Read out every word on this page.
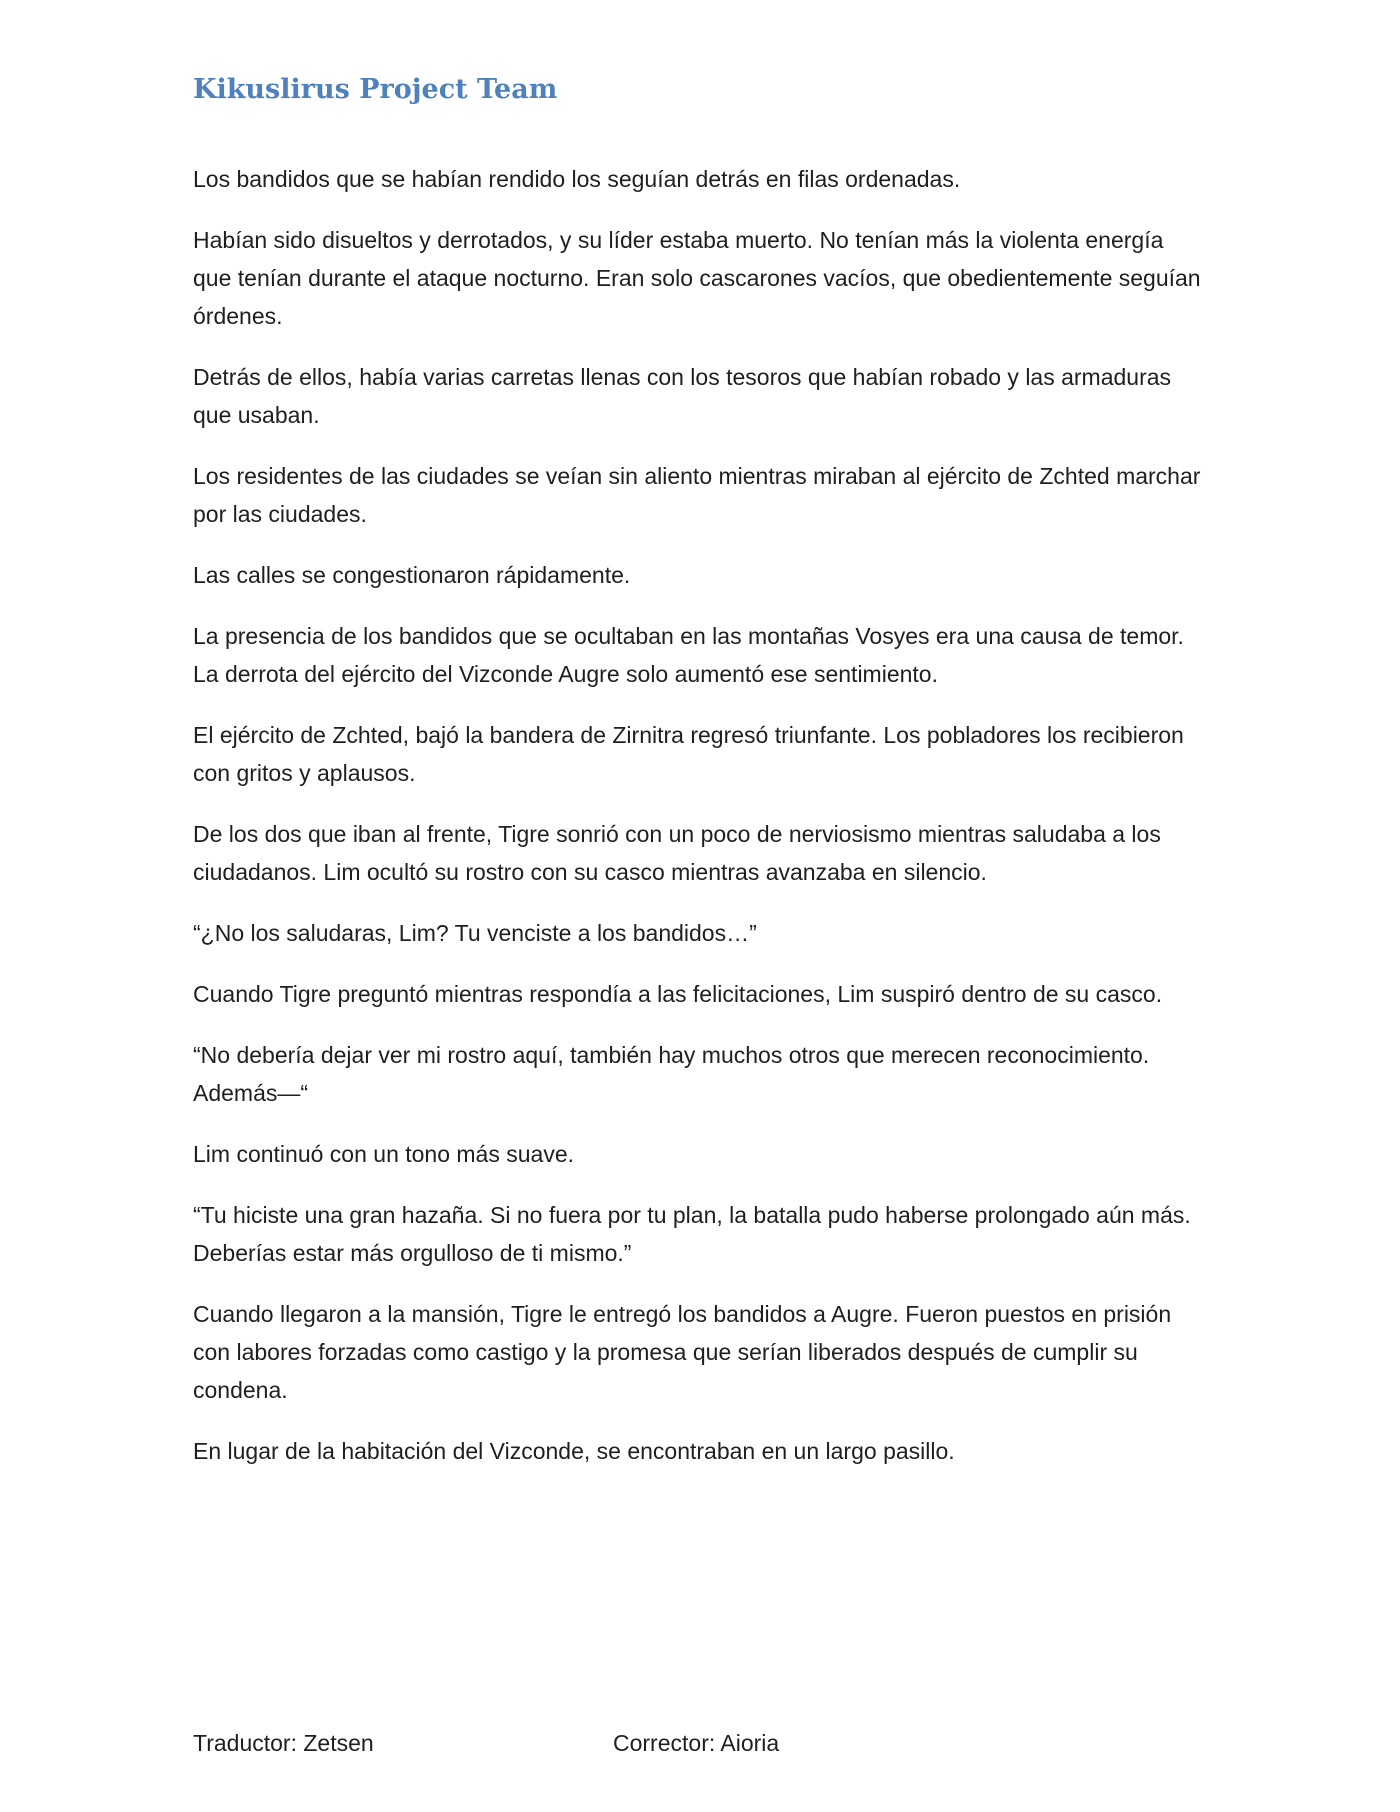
Kikuslirus Project Team

Los bandidos que se habían rendido los seguían detrás en filas ordenadas.

Habían sido disueltos y derrotados, y su líder estaba muerto. No tenían más la violenta energía que tenían durante el ataque nocturno. Eran solo cascarones vacíos, que obedientemente seguían órdenes.

Detrás de ellos, había varias carretas llenas con los tesoros que habían robado y las armaduras que usaban.

Los residentes de las ciudades se veían sin aliento mientras miraban al ejército de Zchted marchar por las ciudades.

Las calles se congestionaron rápidamente.

La presencia de los bandidos que se ocultaban en las montañas Vosyes era una causa de temor. La derrota del ejército del Vizconde Augre solo aumentó ese sentimiento.

El ejército de Zchted, bajó la bandera de Zirnitra regresó triunfante. Los pobladores los recibieron con gritos y aplausos.

De los dos que iban al frente, Tigre sonrió con un poco de nerviosismo mientras saludaba a los ciudadanos. Lim ocultó su rostro con su casco mientras avanzaba en silencio.

“¿No los saludaras, Lim? Tu venciste a los bandidos…”

Cuando Tigre preguntó mientras respondía a las felicitaciones, Lim suspiró dentro de su casco.

“No debería dejar ver mi rostro aquí, también hay muchos otros que merecen reconocimiento. Además—“

Lim continuó con un tono más suave.

“Tu hiciste una gran hazaña. Si no fuera por tu plan, la batalla pudo haberse prolongado aún más. Deberías estar más orgulloso de ti mismo.”

Cuando llegaron a la mansión, Tigre le entregó los bandidos a Augre. Fueron puestos en prisión con labores forzadas como castigo y la promesa que serían liberados después de cumplir su condena.

En lugar de la habitación del Vizconde, se encontraban en un largo pasillo.

Traductor: Zetsen	Corrector: Aioria
